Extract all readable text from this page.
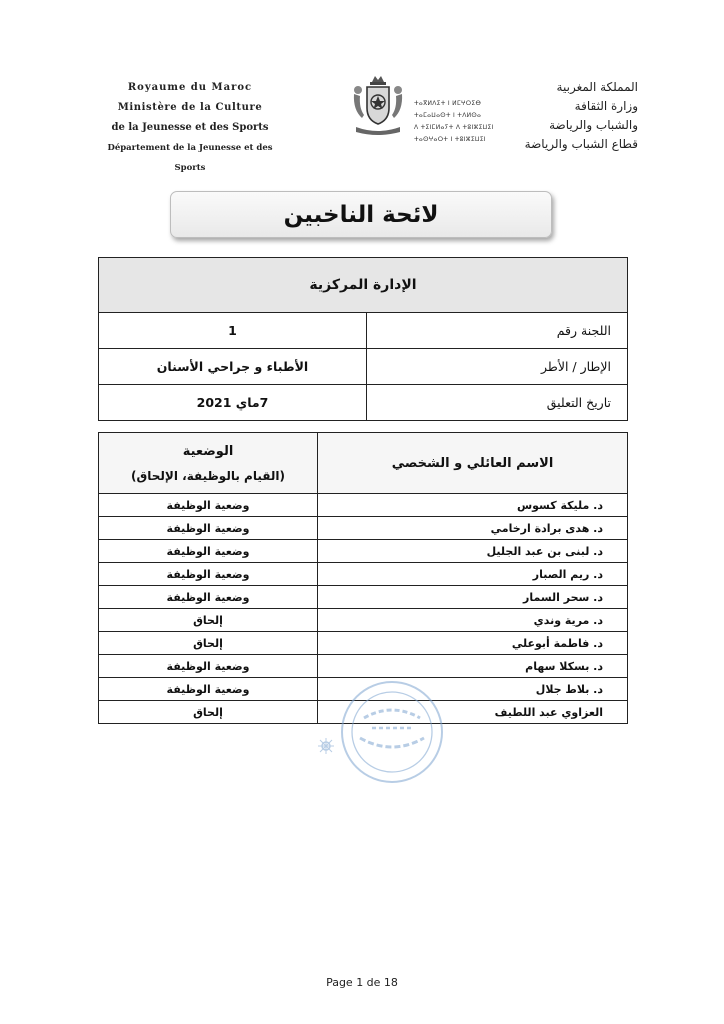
Royaume du Maroc
Ministère de la Culture
de la Jeunesse et des Sports
Département de la Jeunesse et des Sports
ⵜⴰⴳⵍⴷⵉⵜ ⵏ ⵍⵎⵖⵔⵉⴱ
ⵜⴰⵎⴰⵡⴰⵙⵜ ⵏ ⵜⴷⵍⵙⴰ
ⴷ ⵜⵉⵏⵎⵍⴰⵢⵜ ⴷ ⵜⵓⵏⵣⵉⵡⵉⵏ
ⵜⴰⵙⵖⴰⵔⵜ ⵏ ⵜⵓⵏⵣⵉⵡⵉⵏ
المملكة المغربية
وزارة الثقافة
والشباب والرياضة
قطاع الشباب والرياضة
لائحة الناخبين
الإدارة المركزية	
اللجنة رقم	1
الإطار / الأطر	الأطباء و جراحي الأسنان
تاريخ التعليق	7ماي 2021
الاسم العائلي و الشخصي	الوضعية
(القيام بالوظيفة، الإلحاق)

د. مليكة كسوس	وضعية الوظيفة
د. هدى برادة ارخامي	وضعية الوظيفة
د. لبنى بن عبد الجليل	وضعية الوظيفة
د. ريم الصبار	وضعية الوظيفة
د. سحر السمار	وضعية الوظيفة
د. مرية وندي	إلحاق
د. فاطمة أبوعلي	إلحاق
د. بسكلا سهام	وضعية الوظيفة
د. بلاط جلال	وضعية الوظيفة
العزاوي عبد اللطيف	إلحاق
Page 1 de 18
